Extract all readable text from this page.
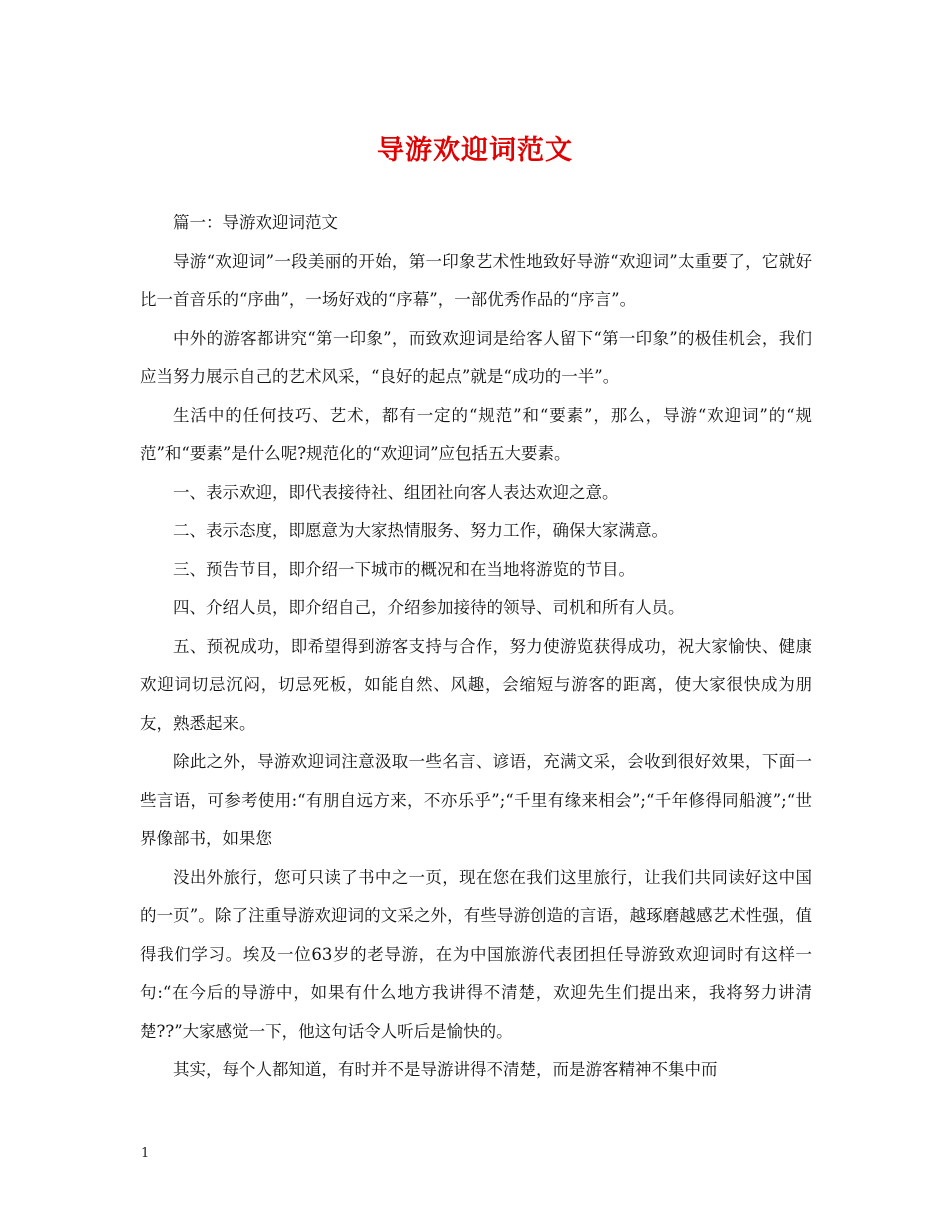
导游欢迎词范文

篇一：导游欢迎词范文

导游“欢迎词”一段美丽的开始，第一印象艺术性地致好导游“欢迎词”太重要了，它就好比一首音乐的“序曲”，一场好戏的“序幕”，一部优秀作品的“序言”。

中外的游客都讲究“第一印象”，而致欢迎词是给客人留下“第一印象”的极佳机会，我们应当努力展示自己的艺术风采，“良好的起点”就是“成功的一半”。

生活中的任何技巧、艺术，都有一定的“规范”和“要素”，那么，导游“欢迎词”的“规范”和“要素”是什么呢?规范化的“欢迎词”应包括五大要素。

一、表示欢迎，即代表接待社、组团社向客人表达欢迎之意。

二、表示态度，即愿意为大家热情服务、努力工作，确保大家满意。

三、预告节目，即介绍一下城市的概况和在当地将游览的节目。

四、介绍人员，即介绍自己，介绍参加接待的领导、司机和所有人员。

五、预祝成功，即希望得到游客支持与合作，努力使游览获得成功，祝大家愉快、健康欢迎词切忌沉闷，切忌死板，如能自然、风趣，会缩短与游客的距离，使大家很快成为朋友，熟悉起来。

除此之外，导游欢迎词注意汲取一些名言、谚语，充满文采，会收到很好效果，下面一些言语，可参考使用:“有朋自远方来，不亦乐乎”;“千里有缘来相会”;“千年修得同船渡”;“世界像部书，如果您

没出外旅行，您可只读了书中之一页，现在您在我们这里旅行，让我们共同读好这中国的一页”。除了注重导游欢迎词的文采之外，有些导游创造的言语，越琢磨越感艺术性强，值得我们学习。埃及一位63岁的老导游，在为中国旅游代表团担任导游致欢迎词时有这样一句:“在今后的导游中，如果有什么地方我讲得不清楚，欢迎先生们提出来，我将努力讲清楚??”大家感觉一下，他这句话令人听后是愉快的。

其实，每个人都知道，有时并不是导游讲得不清楚，而是游客精神不集中而

1
